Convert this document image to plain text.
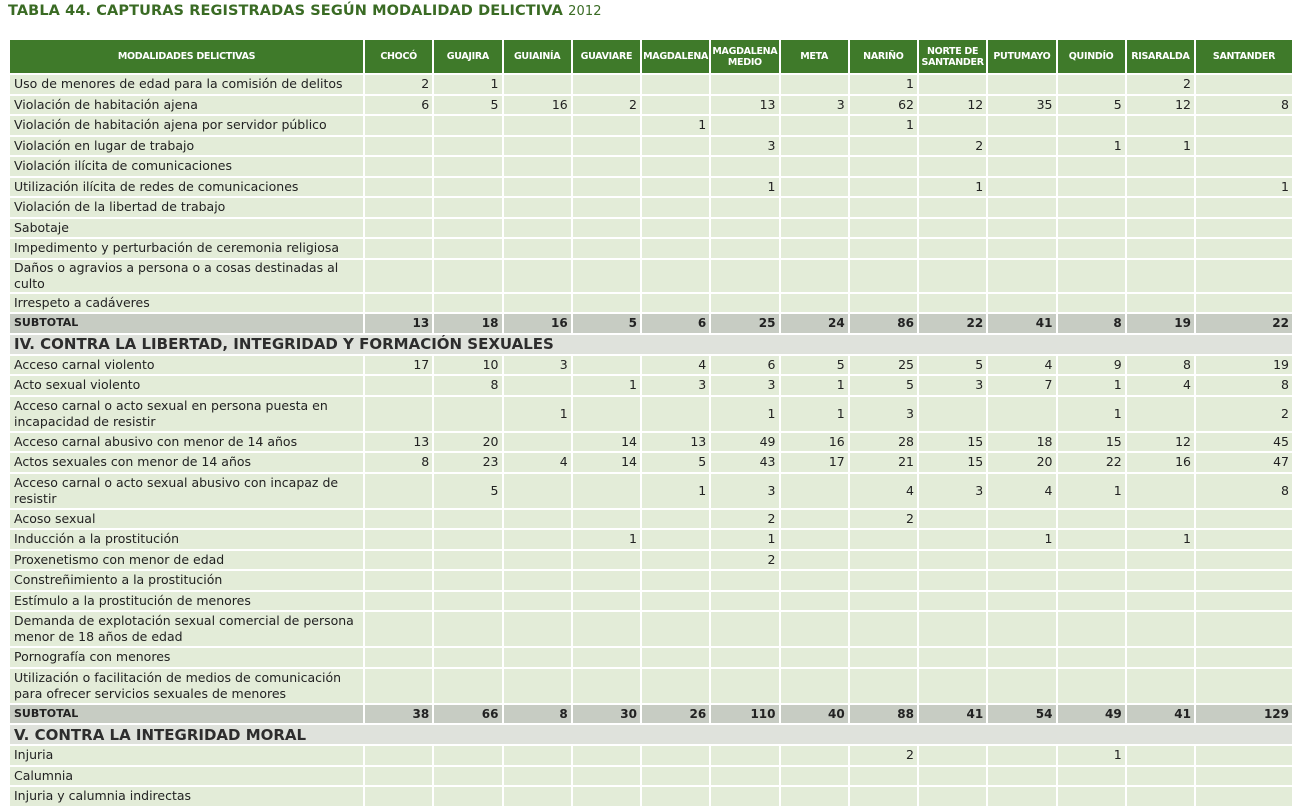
TABLA 44. CAPTURAS REGISTRADAS SEGÚN MODALIDAD DELICTIVA 2012
MODALIDADES DELICTIVAS	CHOCÓ	GUAJIRA	GUIAINÍA	GUAVIARE	MAGDALENA	MAGDALENA MEDIO	META	NARIÑO	NORTE DE SANTANDER	PUTUMAYO	QUINDÍO	RISARALDA	SANTANDER
Uso de menores de edad para la comisión de delitos	2	1						1				2	
Violación de habitación ajena	6	5	16	2		13	3	62	12	35	5	12	8
Violación de habitación ajena por servidor público					1			1					
Violación en lugar de trabajo						3			2		1	1	
Violación ilícita de comunicaciones													
Utilización ilícita de redes de comunicaciones						1			1				1
Violación de la libertad de trabajo													
Sabotaje													
Impedimento y perturbación de ceremonia religiosa													
Daños o agravios a persona o a cosas destinadas al culto													
Irrespeto a cadáveres													
SUBTOTAL	13	18	16	5	6	25	24	86	22	41	8	19	22
IV. CONTRA LA LIBERTAD, INTEGRIDAD Y FORMACIÓN SEXUALES													
Acceso carnal violento	17	10	3		4	6	5	25	5	4	9	8	19
Acto sexual violento		8		1	3	3	1	5	3	7	1	4	8
Acceso carnal o acto sexual en persona puesta en incapacidad de resistir			1			1	1	3			1		2
Acceso carnal abusivo con menor de 14 años	13	20		14	13	49	16	28	15	18	15	12	45
Actos sexuales con menor de 14 años	8	23	4	14	5	43	17	21	15	20	22	16	47
Acceso carnal o acto sexual abusivo con incapaz de resistir		5			1	3		4	3	4	1		8
Acoso sexual						2		2					
Inducción a la prostitución				1		1				1		1	
Proxenetismo con menor de edad						2							
Constreñimiento a la prostitución													
Estímulo a la prostitución de menores													
Demanda de explotación sexual comercial de persona menor de 18 años de edad													
Pornografía con menores													
Utilización o facilitación de medios de comunicación para ofrecer servicios sexuales de menores													
SUBTOTAL	38	66	8	30	26	110	40	88	41	54	49	41	129
V. CONTRA LA INTEGRIDAD MORAL													
Injuria								2			1		
Calumnia													
Injuria y calumnia indirectas													
